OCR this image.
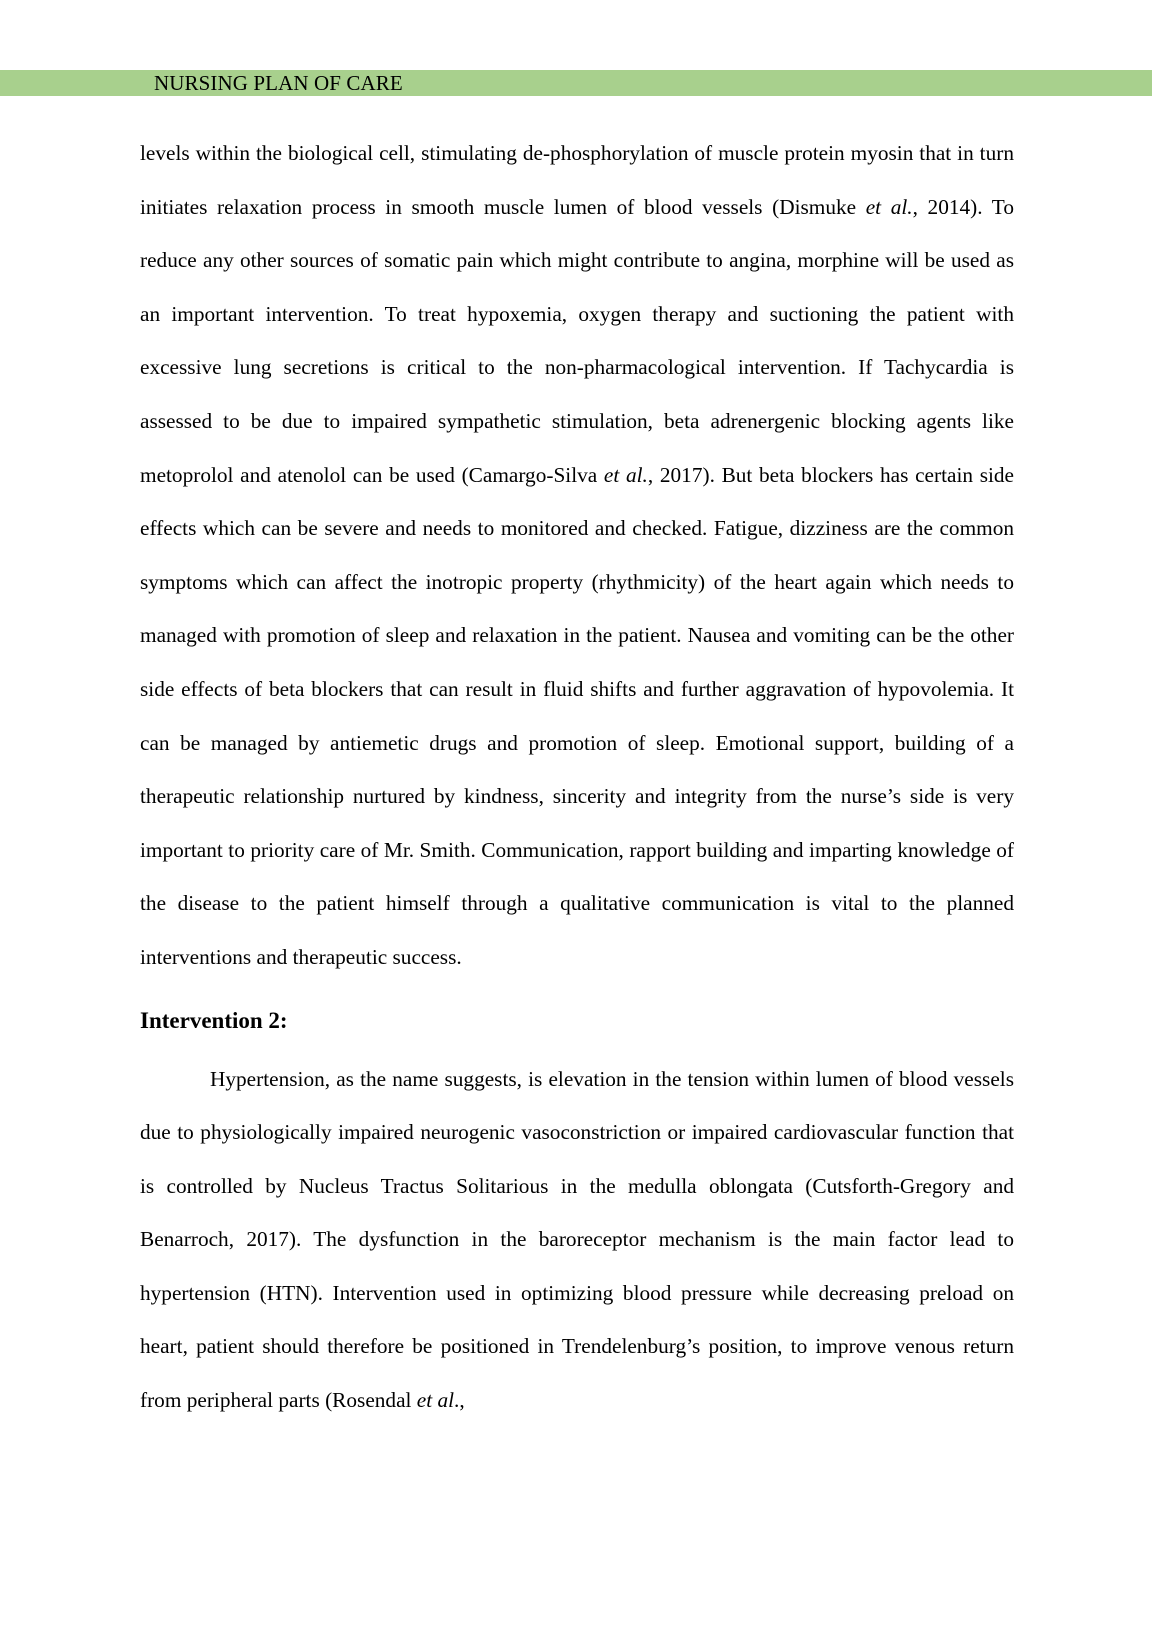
NURSING PLAN OF CARE

levels within the biological cell, stimulating de-phosphorylation of muscle protein myosin that in turn initiates relaxation process in smooth muscle lumen of blood vessels (Dismuke et al., 2014). To reduce any other sources of somatic pain which might contribute to angina, morphine will be used as an important intervention. To treat hypoxemia, oxygen therapy and suctioning the patient with excessive lung secretions is critical to the non-pharmacological intervention. If Tachycardia is assessed to be due to impaired sympathetic stimulation, beta adrenergenic blocking agents like metoprolol and atenolol can be used (Camargo-Silva et al., 2017). But beta blockers has certain side effects which can be severe and needs to monitored and checked. Fatigue, dizziness are the common symptoms which can affect the inotropic property (rhythmicity) of the heart again which needs to managed with promotion of sleep and relaxation in the patient. Nausea and vomiting can be the other side effects of beta blockers that can result in fluid shifts and further aggravation of hypovolemia. It can be managed by antiemetic drugs and promotion of sleep. Emotional support, building of a therapeutic relationship nurtured by kindness, sincerity and integrity from the nurse’s side is very important to priority care of Mr. Smith. Communication, rapport building and imparting knowledge of the disease to the patient himself through a qualitative communication is vital to the planned interventions and therapeutic success.

Intervention 2:

Hypertension, as the name suggests, is elevation in the tension within lumen of blood vessels due to physiologically impaired neurogenic vasoconstriction or impaired cardiovascular function that is controlled by Nucleus Tractus Solitarious in the medulla oblongata (Cutsforth-Gregory and Benarroch, 2017). The dysfunction in the baroreceptor mechanism is the main factor lead to hypertension (HTN). Intervention used in optimizing blood pressure while decreasing preload on heart, patient should therefore be positioned in Trendelenburg’s position, to improve venous return from peripheral parts (Rosendal et al.,
